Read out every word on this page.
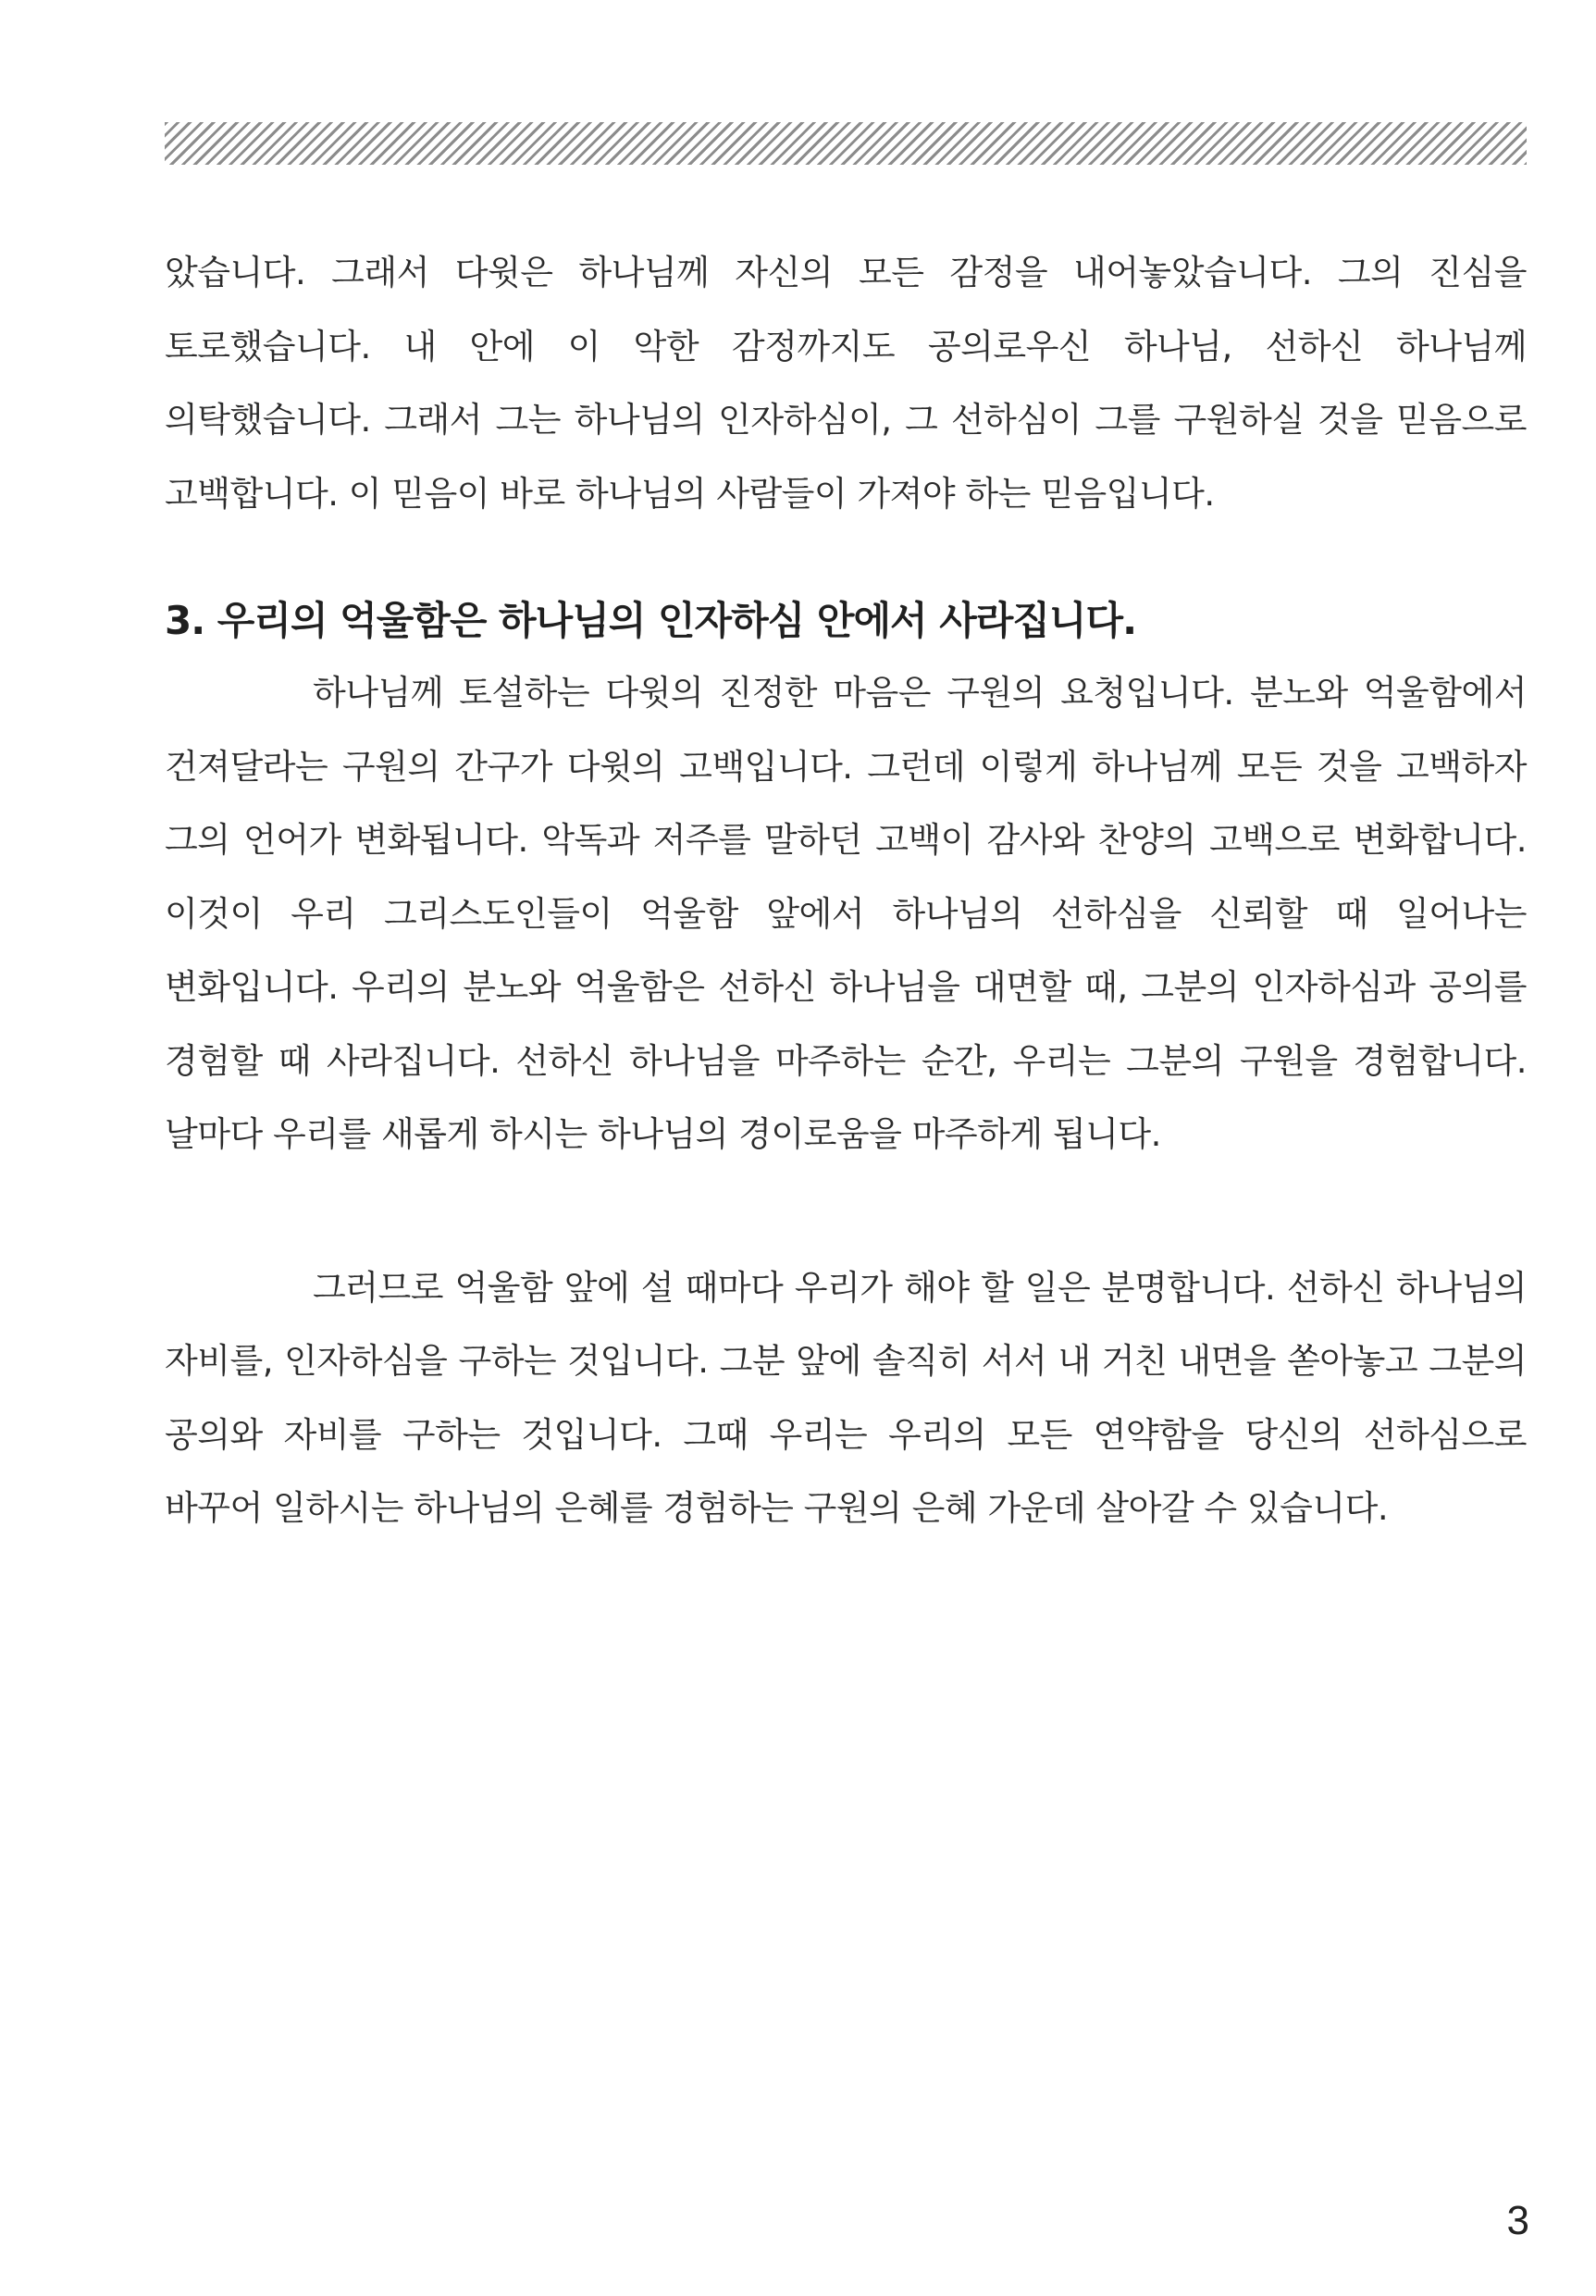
았습니다. 그래서 다윗은 하나님께 자신의 모든 감정을 내어놓았습니다. 그의 진심을 토로했습니다. 내 안에 이 악한 감정까지도 공의로우신 하나님, 선하신 하나님께 의탁했습니다. 그래서 그는 하나님의 인자하심이, 그 선하심이 그를 구원하실 것을 믿음으로 고백합니다. 이 믿음이 바로 하나님의 사람들이 가져야 하는 믿음입니다.

3. 우리의 억울함은 하나님의 인자하심 안에서 사라집니다.

하나님께 토설하는 다윗의 진정한 마음은 구원의 요청입니다. 분노와 억울함에서 건져달라는 구원의 간구가 다윗의 고백입니다. 그런데 이렇게 하나님께 모든 것을 고백하자 그의 언어가 변화됩니다. 악독과 저주를 말하던 고백이 감사와 찬양의 고백으로 변화합니다. 이것이 우리 그리스도인들이 억울함 앞에서 하나님의 선하심을 신뢰할 때 일어나는 변화입니다. 우리의 분노와 억울함은 선하신 하나님을 대면할 때, 그분의 인자하심과 공의를 경험할 때 사라집니다. 선하신 하나님을 마주하는 순간, 우리는 그분의 구원을 경험합니다. 날마다 우리를 새롭게 하시는 하나님의 경이로움을 마주하게 됩니다.

그러므로 억울함 앞에 설 때마다 우리가 해야 할 일은 분명합니다. 선하신 하나님의 자비를, 인자하심을 구하는 것입니다. 그분 앞에 솔직히 서서 내 거친 내면을 쏟아놓고 그분의 공의와 자비를 구하는 것입니다. 그때 우리는 우리의 모든 연약함을 당신의 선하심으로 바꾸어 일하시는 하나님의 은혜를 경험하는 구원의 은혜 가운데 살아갈 수 있습니다.

3
